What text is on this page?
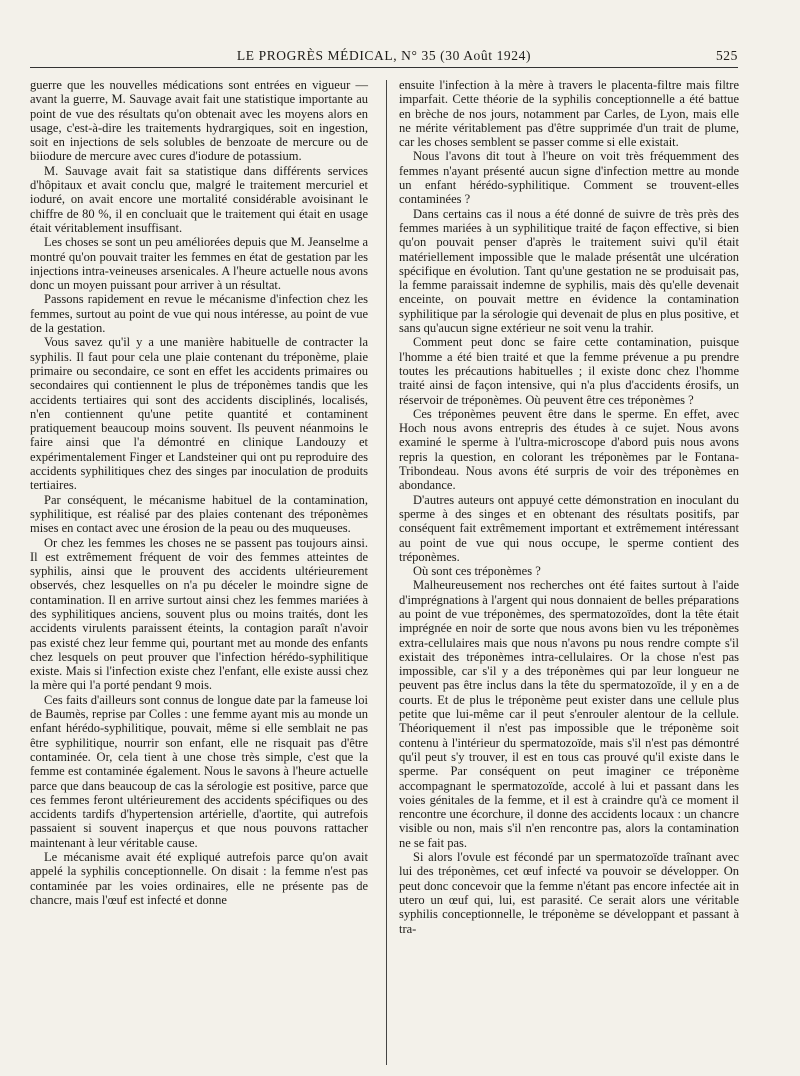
LE PROGRÈS MÉDICAL, N° 35 (30 Août 1924)	525

guerre que les nouvelles médications sont entrées en vigueur — avant la guerre, M. Sauvage avait fait une statistique importante au point de vue des résultats qu'on obtenait avec les moyens alors en usage, c'est-à-dire les traitements hydrargiques, soit en ingestion, soit en injections de sels solubles de benzoate de mercure ou de biiodure de mercure avec cures d'iodure de potassium.

M. Sauvage avait fait sa statistique dans différents services d'hôpitaux et avait conclu que, malgré le traitement mercuriel et ioduré, on avait encore une mortalité considérable avoisinant le chiffre de 80 %, il en concluait que le traitement qui était en usage était véritablement insuffisant.

Les choses se sont un peu améliorées depuis que M. Jeanselme a montré qu'on pouvait traiter les femmes en état de gestation par les injections intra-veineuses arsenicales. A l'heure actuelle nous avons donc un moyen puissant pour arriver à un résultat.

Passons rapidement en revue le mécanisme d'infection chez les femmes, surtout au point de vue qui nous intéresse, au point de vue de la gestation.

Vous savez qu'il y a une manière habituelle de contracter la syphilis. Il faut pour cela une plaie contenant du tréponème, plaie primaire ou secondaire, ce sont en effet les accidents primaires ou secondaires qui contiennent le plus de tréponèmes tandis que les accidents tertiaires qui sont des accidents disciplinés, localisés, n'en contiennent qu'une petite quantité et contaminent pratiquement beaucoup moins souvent. Ils peuvent néanmoins le faire ainsi que l'a démontré en clinique Landouzy et expérimentalement Finger et Landsteiner qui ont pu reproduire des accidents syphilitiques chez des singes par inoculation de produits tertiaires.

Par conséquent, le mécanisme habituel de la contamination, syphilitique, est réalisé par des plaies contenant des tréponèmes mises en contact avec une érosion de la peau ou des muqueuses.

Or chez les femmes les choses ne se passent pas toujours ainsi. Il est extrêmement fréquent de voir des femmes atteintes de syphilis, ainsi que le prouvent des accidents ultérieurement observés, chez lesquelles on n'a pu déceler le moindre signe de contamination. Il en arrive surtout ainsi chez les femmes mariées à des syphilitiques anciens, souvent plus ou moins traités, dont les accidents virulents paraissent éteints, la contagion paraît n'avoir pas existé chez leur femme qui, pourtant met au monde des enfants chez lesquels on peut prouver que l'infection hérédo-syphilitique existe. Mais si l'infection existe chez l'enfant, elle existe aussi chez la mère qui l'a porté pendant 9 mois.

Ces faits d'ailleurs sont connus de longue date par la fameuse loi de Baumès, reprise par Colles : une femme ayant mis au monde un enfant hérédo-syphilitique, pouvait, même si elle semblait ne pas être syphilitique, nourrir son enfant, elle ne risquait pas d'être contaminée. Or, cela tient à une chose très simple, c'est que la femme est contaminée également. Nous le savons à l'heure actuelle parce que dans beaucoup de cas la sérologie est positive, parce que ces femmes feront ultérieurement des accidents spécifiques ou des accidents tardifs d'hypertension artérielle, d'aortite, qui autrefois passaient si souvent inaperçus et que nous pouvons rattacher maintenant à leur véritable cause.

Le mécanisme avait été expliqué autrefois parce qu'on avait appelé la syphilis conceptionnelle. On disait : la femme n'est pas contaminée par les voies ordinaires, elle ne présente pas de chancre, mais l'œuf est infecté et donne

ensuite l'infection à la mère à travers le placenta-filtre mais filtre imparfait. Cette théorie de la syphilis conceptionnelle a été battue en brèche de nos jours, notamment par Carles, de Lyon, mais elle ne mérite véritablement pas d'être supprimée d'un trait de plume, car les choses semblent se passer comme si elle existait.

Nous l'avons dit tout à l'heure on voit très fréquemment des femmes n'ayant présenté aucun signe d'infection mettre au monde un enfant hérédo-syphilitique. Comment se trouvent-elles contaminées ?

Dans certains cas il nous a été donné de suivre de très près des femmes mariées à un syphilitique traité de façon effective, si bien qu'on pouvait penser d'après le traitement suivi qu'il était matériellement impossible que le malade présentât une ulcération spécifique en évolution. Tant qu'une gestation ne se produisait pas, la femme paraissait indemne de syphilis, mais dès qu'elle devenait enceinte, on pouvait mettre en évidence la contamination syphilitique par la sérologie qui devenait de plus en plus positive, et sans qu'aucun signe extérieur ne soit venu la trahir.

Comment peut donc se faire cette contamination, puisque l'homme a été bien traité et que la femme prévenue a pu prendre toutes les précautions habituelles ; il existe donc chez l'homme traité ainsi de façon intensive, qui n'a plus d'accidents érosifs, un réservoir de tréponèmes. Où peuvent être ces tréponèmes ?

Ces tréponèmes peuvent être dans le sperme. En effet, avec Hoch nous avons entrepris des études à ce sujet. Nous avons examiné le sperme à l'ultra-microscope d'abord puis nous avons repris la question, en colorant les tréponèmes par le Fontana-Tribondeau. Nous avons été surpris de voir des tréponèmes en abondance.

D'autres auteurs ont appuyé cette démonstration en inoculant du sperme à des singes et en obtenant des résultats positifs, par conséquent fait extrêmement important et extrêmement intéressant au point de vue qui nous occupe, le sperme contient des tréponèmes.

Où sont ces tréponèmes ?

Malheureusement nos recherches ont été faites surtout à l'aide d'imprégnations à l'argent qui nous donnaient de belles préparations au point de vue tréponèmes, des spermatozoïdes, dont la tête était imprégnée en noir de sorte que nous avons bien vu les tréponèmes extra-cellulaires mais que nous n'avons pu nous rendre compte s'il existait des tréponèmes intra-cellulaires. Or la chose n'est pas impossible, car s'il y a des tréponèmes qui par leur longueur ne peuvent pas être inclus dans la tête du spermatozoïde, il y en a de courts. Et de plus le tréponème peut exister dans une cellule plus petite que lui-même car il peut s'enrouler alentour de la cellule. Théoriquement il n'est pas impossible que le tréponème soit contenu à l'intérieur du spermatozoïde, mais s'il n'est pas démontré qu'il peut s'y trouver, il est en tous cas prouvé qu'il existe dans le sperme. Par conséquent on peut imaginer ce tréponème accompagnant le spermatozoïde, accolé à lui et passant dans les voies génitales de la femme, et il est à craindre qu'à ce moment il rencontre une écorchure, il donne des accidents locaux : un chancre visible ou non, mais s'il n'en rencontre pas, alors la contamination ne se fait pas.

Si alors l'ovule est fécondé par un spermatozoïde traînant avec lui des tréponèmes, cet œuf infecté va pouvoir se développer. On peut donc concevoir que la femme n'étant pas encore infectée ait in utero un œuf qui, lui, est parasité. Ce serait alors une véritable syphilis conceptionnelle, le tréponème se développant et passant à tra-
